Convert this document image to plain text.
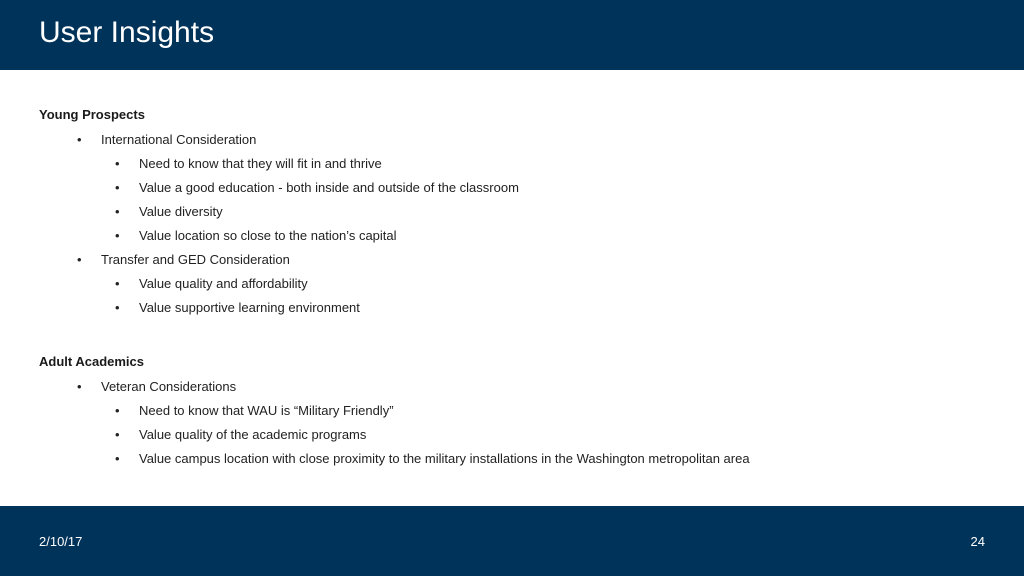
User Insights
Young Prospects
• International Consideration
• Need to know that they will fit in and thrive
• Value a good education - both inside and outside of the classroom
• Value diversity
• Value location so close to the nation’s capital
• Transfer and GED Consideration
• Value quality and affordability
• Value supportive learning environment
Adult Academics
• Veteran Considerations
• Need to know that WAU is “Military Friendly”
• Value quality of the academic programs
• Value campus location with close proximity to the military installations in the Washington metropolitan area
2/10/17	24
